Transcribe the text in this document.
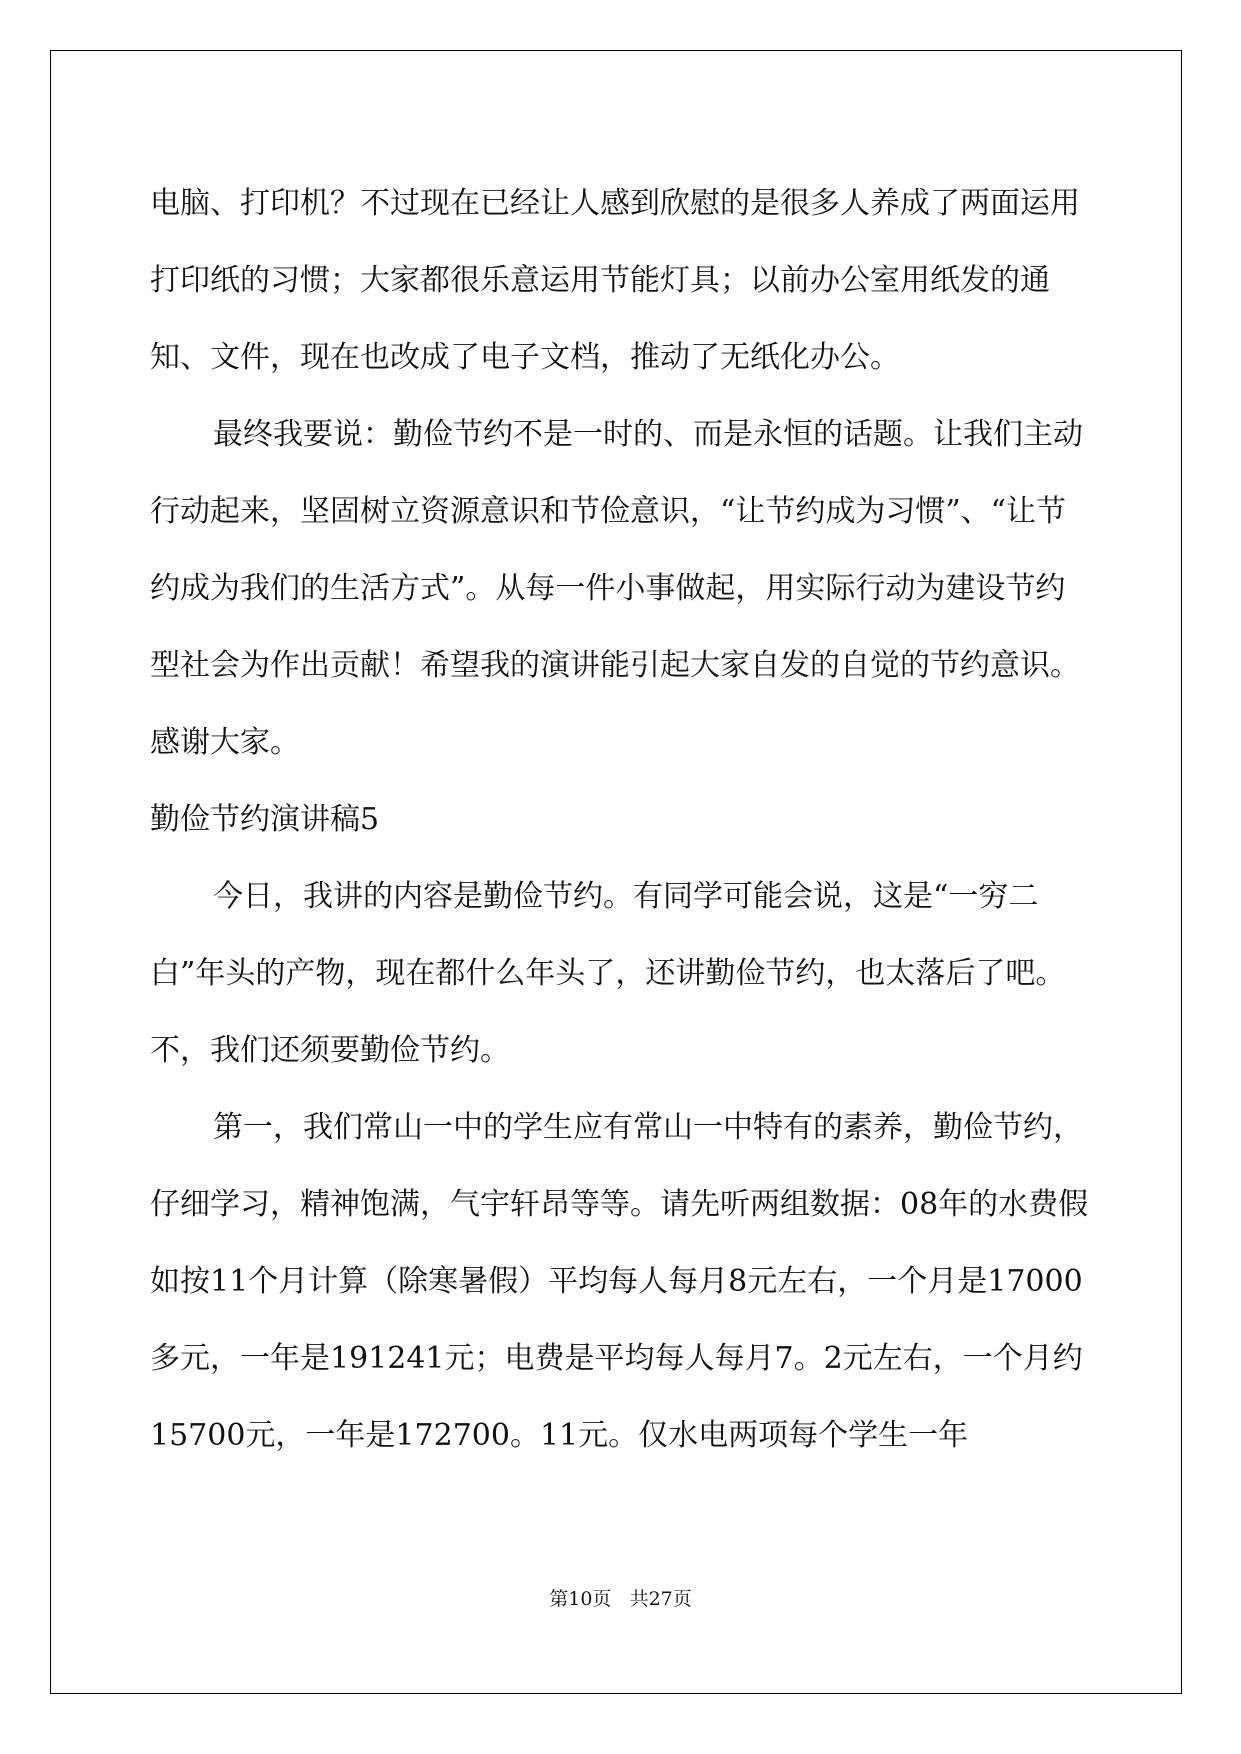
电脑、打印机？不过现在已经让人感到欣慰的是很多人养成了两面运用打印纸的习惯；大家都很乐意运用节能灯具；以前办公室用纸发的通知、文件，现在也改成了电子文档，推动了无纸化办公。

最终我要说：勤俭节约不是一时的、而是永恒的话题。让我们主动行动起来，坚固树立资源意识和节俭意识，“让节约成为习惯”、“让节约成为我们的生活方式”。从每一件小事做起，用实际行动为建设节约型社会为作出贡献！希望我的演讲能引起大家自发的自觉的节约意识。感谢大家。

勤俭节约演讲稿5

今日，我讲的内容是勤俭节约。有同学可能会说，这是“一穷二白”年头的产物，现在都什么年头了，还讲勤俭节约，也太落后了吧。不，我们还须要勤俭节约。

第一，我们常山一中的学生应有常山一中特有的素养，勤俭节约，仔细学习，精神饱满，气宇轩昂等等。请先听两组数据：08年的水费假如按11个月计算（除寒暑假）平均每人每月8元左右，一个月是17000多元，一年是191241元；电费是平均每人每月7。2元左右，一个月约15700元，一年是172700。11元。仅水电两项每个学生一年

第10页 共27页
